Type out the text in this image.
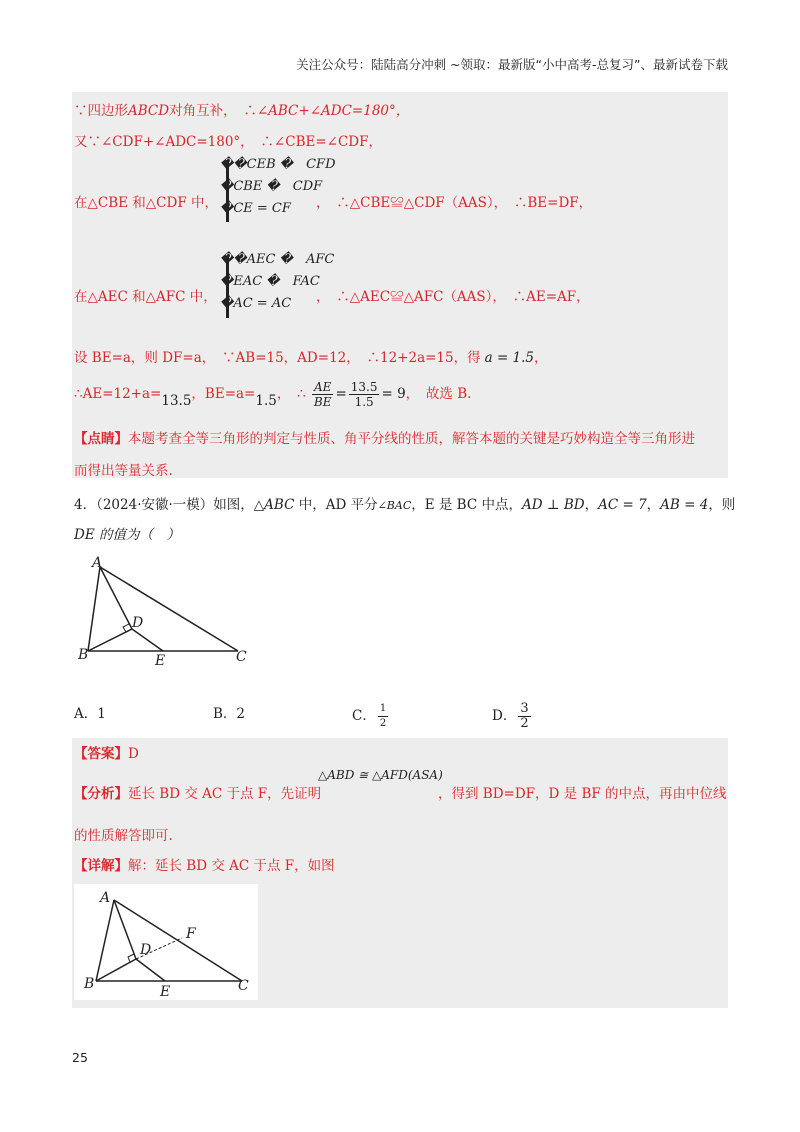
关注公众号：陆陆高分冲刺 ~领取：最新版“小中高考-总复习”、最新试卷下载
∵四边形ABCD对角互补，　∴∠ABC+∠ADC=180°，
又∵∠CDF+∠ADC=180°，　∴∠CBE=∠CDF，
��CEB �　CFD
�CBE �　CDF
�CE = CF
在△CBE 和△CDF 中，	，　∴△CBE≌△CDF（AAS），　∴BE=DF，
��AEC �　AFC
�EAC �　FAC
�AC = AC
在△AEC 和△AFC 中，	，　∴△AEC≌△AFC（AAS），　∴AE=AF，
设 BE=a，则 DF=a，　∵AB=15，AD=12，　∴12+2a=15，得 a = 1.5，
∴AE=12+a=13.5，BE=a=1.5，　∴ $\frac{AE}{BE} = \frac{13.5}{1.5} = 9$，　故选 B.
【点睛】本题考查全等三角形的判定与性质、角平分线的性质，解答本题的关键是巧妙构造全等三角形进
而得出等量关系.
4．（2024·安徽·一模）如图，△ABC 中，AD 平分∠BAC，E 是 BC 中点，AD ⊥ BD，AC = 7，AB = 4，则
DE 的值为（　）
A
B	C
D
E
A．1	B．2	C． $\frac{1}{2}$	D． $\frac{3}{2}$
【答案】D
△ABD ≅ △AFD(ASA)
【分析】延长 BD 交 AC 于点 F，先证明	，得到 BD=DF，D 是 BF 的中点，再由中位线
的性质解答即可.
【详解】解：延长 BD 交 AC 于点 F，如图
A
B	C
D
E
F
25
